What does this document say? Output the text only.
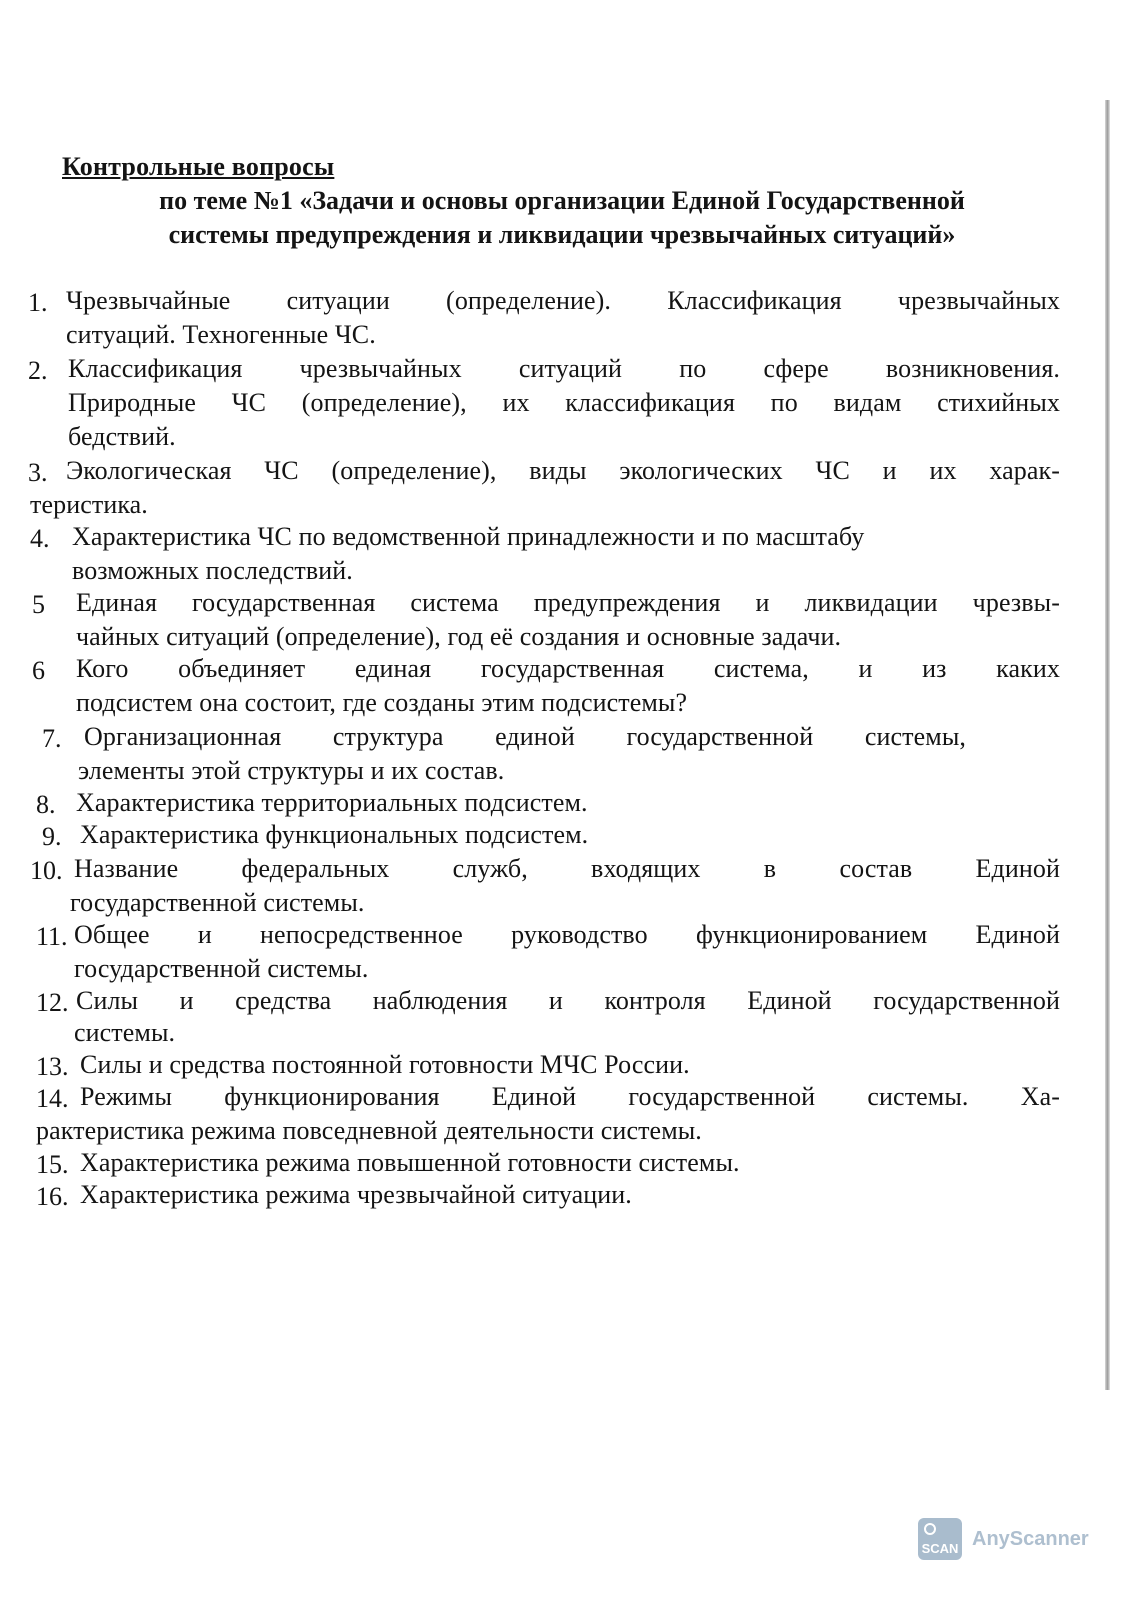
Контрольные вопросы
по теме №1 «Задачи и основы организации Единой Государственной
системы предупреждения и ликвидации чрезвычайных ситуаций»
1. Чрезвычайные ситуации (определение). Классификация чрезвычайных
ситуаций. Техногенные ЧС.
2. Классификация чрезвычайных ситуаций по сфере возникновения.
Природные ЧС (определение), их классификация по видам стихийных
бедствий.
3. Экологическая ЧС (определение), виды экологических ЧС и их харак-
теристика.
4. Характеристика ЧС по ведомственной принадлежности и по масштабу
возможных последствий.
5 Единая государственная система предупреждения и ликвидации чрезвы-
чайных ситуаций (определение), год её создания и основные задачи.
6 Кого объединяет единая государственная система, и из каких
подсистем она состоит, где созданы этим подсистемы?
7. Организационная структура единой государственной системы,
элементы этой структуры и их состав.
8. Характеристика территориальных подсистем.
9. Характеристика функциональных подсистем.
10. Название федеральных служб, входящих в состав Единой
государственной системы.
11. Общее и непосредственное руководство функционированием Единой
государственной системы.
12. Силы и средства наблюдения и контроля Единой государственной
системы.
13. Силы и средства постоянной готовности МЧС России.
14. Режимы функционирования Единой государственной системы. Ха-
рактеристика режима повседневной деятельности системы.
15. Характеристика режима повышенной готовности системы.
16. Характеристика режима чрезвычайной ситуации.
SCAN AnyScanner
